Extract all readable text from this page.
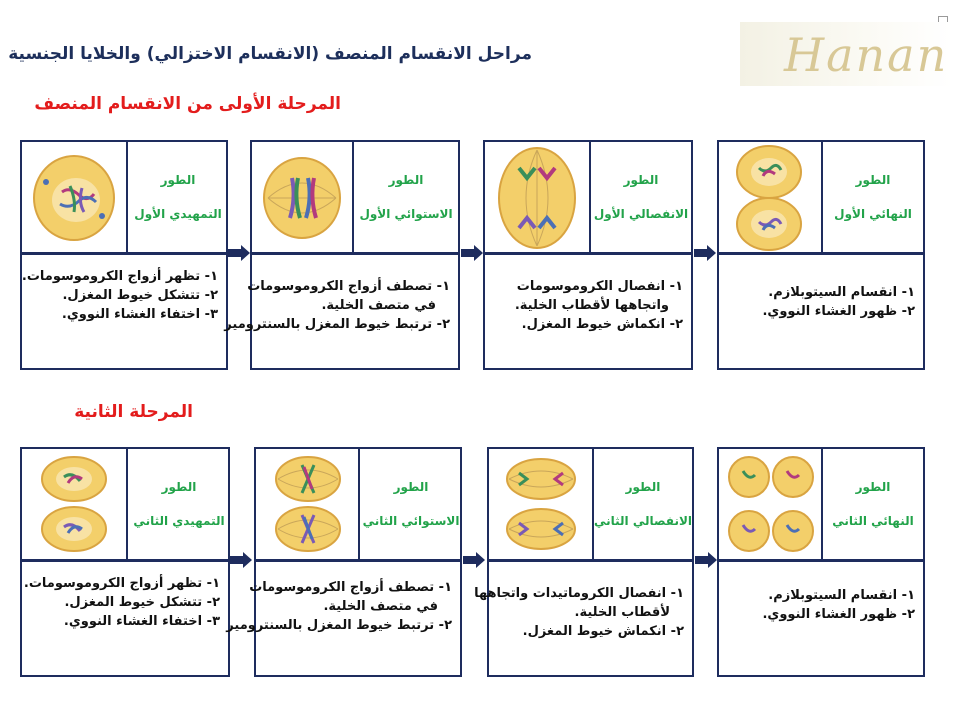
Hanan
مراحل الانقسام المنصف (الانقسام الاختزالي) والخلايا الجنسية
المرحلة الأولى من الانقسام المنصف
الطور
التمهيدي الأول
الطور
الاستوائي الأول
الطور
الانفصالي الأول
الطور
النهائي الأول
١- تظهر أزواج الكروموسومات.
٢- تتشكل خيوط المغزل.
٣- اختفاء الغشاء النووي.
١- تصطف أزواج الكروموسومات
في متصف الخلية.
٢- ترتبط خيوط المغزل بالسنترومير
١- انفصال الكروموسومات
واتجاهها لأقطاب الخلية.
٢- انكماش خيوط المغزل.
١- انقسام السيتوبلازم.
٢- ظهور الغشاء النووي.
المرحلة الثانية
الطور
التمهيدي الثاني
الطور
الاستوائي الثاني
الطور
الانفصالي الثاني
الطور
النهائي الثاني
١- تظهر أزواج الكروموسومات.
٢- تتشكل خيوط المغزل.
٣- اختفاء الغشاء النووي.
١- تصطف أزواج الكروموسومات
في متصف الخلية.
٢- ترتبط خيوط المغزل بالسنترومير
١- انفصال الكروماتيدات واتجاهها
لأقطاب الخلية.
٢- انكماش خيوط المغزل.
١- انقسام السيتوبلازم.
٢- ظهور الغشاء النووي.
